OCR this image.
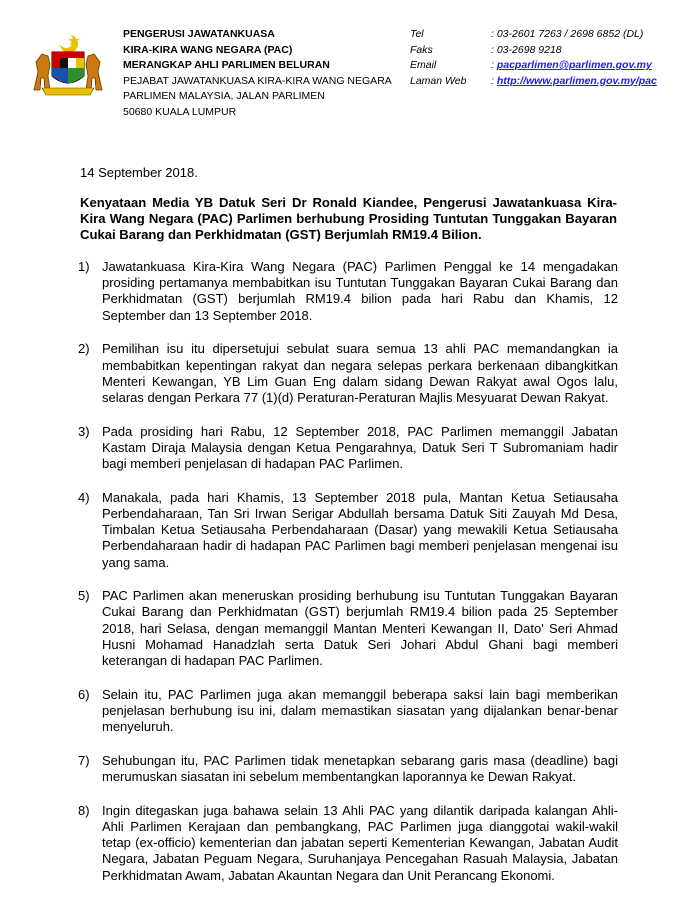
PENGERUSI JAWATANKUASA
KIRA-KIRA WANG NEGARA (PAC)
MERANGKAP AHLI PARLIMEN BELURAN
PEJABAT JAWATANKUASA KIRA-KIRA WANG NEGARA
PARLIMEN MALAYSIA, JALAN PARLIMEN
50680 KUALA LUMPUR
Tel	: 03-2601 7263 / 2698 6852 (DL)
Faks	: 03-2698 9218
Email	: pacparlimen@parlimen.gov.my
Laman Web	: http://www.parlimen.gov.my/pac
14 September 2018.
Kenyataan Media YB Datuk Seri Dr Ronald Kiandee, Pengerusi Jawatankuasa Kira-Kira Wang Negara (PAC) Parlimen berhubung Prosiding Tuntutan Tunggakan Bayaran Cukai Barang dan Perkhidmatan (GST) Berjumlah RM19.4 Bilion.
1) Jawatankuasa Kira-Kira Wang Negara (PAC) Parlimen Penggal ke 14 mengadakan prosiding pertamanya membabitkan isu Tuntutan Tunggakan Bayaran Cukai Barang dan Perkhidmatan (GST) berjumlah RM19.4 bilion pada hari Rabu dan Khamis, 12 September dan 13 September 2018.
2) Pemilihan isu itu dipersetujui sebulat suara semua 13 ahli PAC memandangkan ia membabitkan kepentingan rakyat dan negara selepas perkara berkenaan dibangkitkan Menteri Kewangan, YB Lim Guan Eng dalam sidang Dewan Rakyat awal Ogos lalu, selaras dengan Perkara 77 (1)(d) Peraturan-Peraturan Majlis Mesyuarat Dewan Rakyat.
3) Pada prosiding hari Rabu, 12 September 2018, PAC Parlimen memanggil Jabatan Kastam Diraja Malaysia dengan Ketua Pengarahnya, Datuk Seri T Subromaniam hadir bagi memberi penjelasan di hadapan PAC Parlimen.
4) Manakala, pada hari Khamis, 13 September 2018 pula, Mantan Ketua Setiausaha Perbendaharaan, Tan Sri Irwan Serigar Abdullah bersama Datuk Siti Zauyah Md Desa, Timbalan Ketua Setiausaha Perbendaharaan (Dasar) yang mewakili Ketua Setiausaha Perbendaharaan hadir di hadapan PAC Parlimen bagi memberi penjelasan mengenai isu yang sama.
5) PAC Parlimen akan meneruskan prosiding berhubung isu Tuntutan Tunggakan Bayaran Cukai Barang dan Perkhidmatan (GST) berjumlah RM19.4 bilion pada 25 September 2018, hari Selasa, dengan memanggil Mantan Menteri Kewangan II, Dato' Seri Ahmad Husni Mohamad Hanadzlah serta Datuk Seri Johari Abdul Ghani bagi memberi keterangan di hadapan PAC Parlimen.
6) Selain itu, PAC Parlimen juga akan memanggil beberapa saksi lain bagi memberikan penjelasan berhubung isu ini, dalam memastikan siasatan yang dijalankan benar-benar menyeluruh.
7) Sehubungan itu, PAC Parlimen tidak menetapkan sebarang garis masa (deadline) bagi merumuskan siasatan ini sebelum membentangkan laporannya ke Dewan Rakyat.
8) Ingin ditegaskan juga bahawa selain 13 Ahli PAC yang dilantik daripada kalangan Ahli-Ahli Parlimen Kerajaan dan pembangkang, PAC Parlimen juga dianggotai wakil-wakil tetap (ex-officio) kementerian dan jabatan seperti Kementerian Kewangan, Jabatan Audit Negara, Jabatan Peguam Negara, Suruhanjaya Pencegahan Rasuah Malaysia, Jabatan Perkhidmatan Awam, Jabatan Akauntan Negara dan Unit Perancang Ekonomi.
